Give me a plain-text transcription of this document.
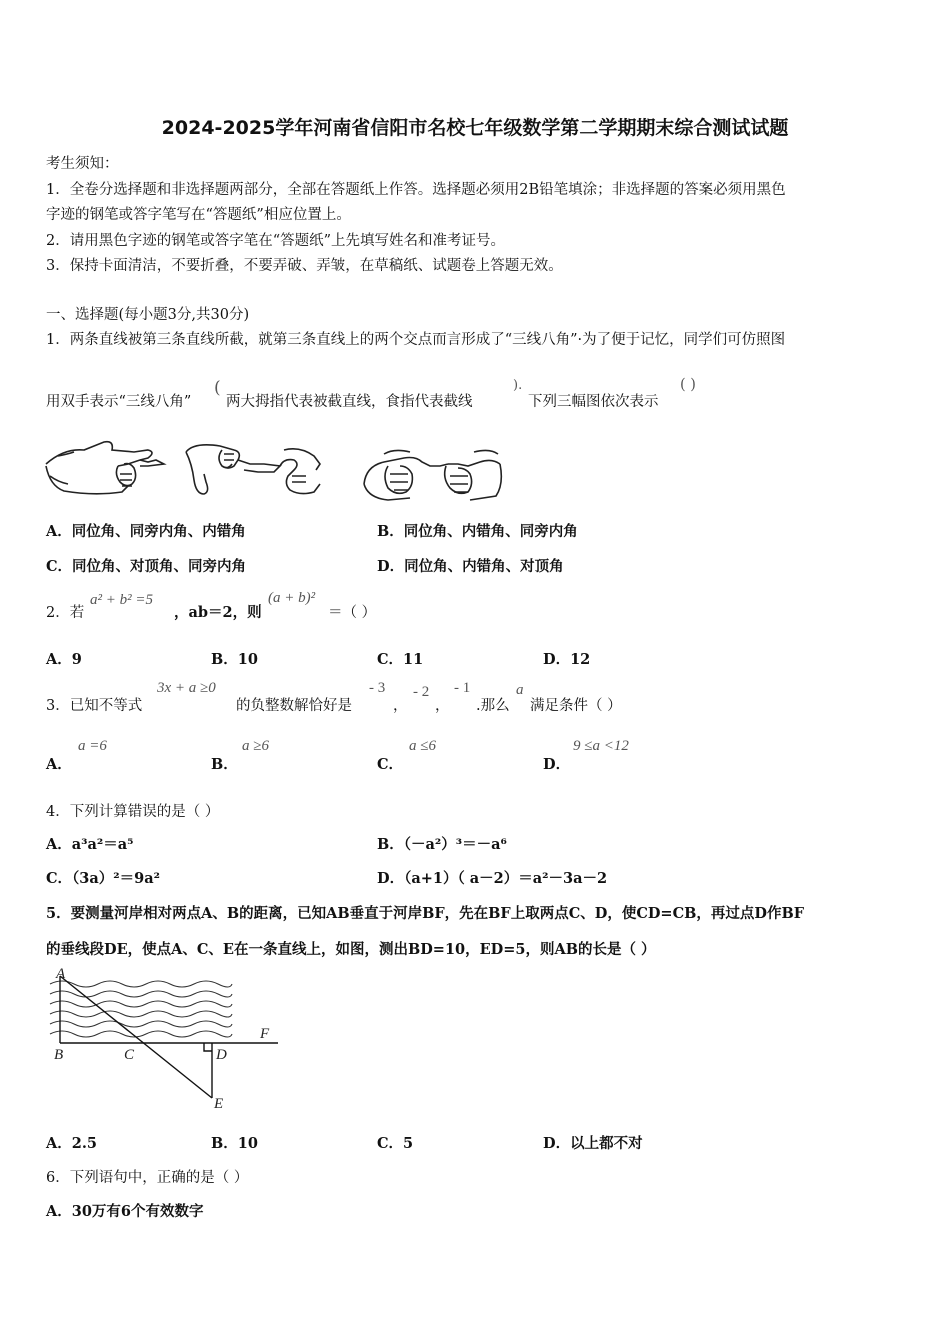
2024-2025学年河南省信阳市名校七年级数学第二学期期末综合测试试题
考生须知：
1．全卷分选择题和非选择题两部分，全部在答题纸上作答。选择题必须用2B铅笔填涂；非选择题的答案必须用黑色
字迹的钢笔或答字笔写在“答题纸”相应位置上。
2．请用黑色字迹的钢笔或答字笔在“答题纸”上先填写姓名和准考证号。
3．保持卡面清洁，不要折叠，不要弄破、弄皱，在草稿纸、试题卷上答题无效。
一、选择题(每小题3分,共30分)
1．两条直线被第三条直线所截，就第三条直线上的两个交点而言形成了“三线八角”·为了便于记忆，同学们可仿照图
用双手表示“三线八角”
(
两大拇指代表被截直线，食指代表截线
).
下列三幅图依次表示
( )
A．同位角、同旁内角、内错角	B．同位角、内错角、同旁内角
C．同位角、对顶角、同旁内角	D．同位角、内错角、对顶角
2．若
a² + b² =5
，ab＝2，则
(a + b)²
＝（ ）
A．9	B．10	C．11	D．12
3．已知不等式
3x + a ≥0
的负整数解恰好是
- 3
，
- 2
，
- 1
.那么
a
满足条件（ ）
A．
a =6
B．
a ≥6
C．
a ≤6
D．
9 ≤a <12
4．下列计算错误的是（ ）
A．a³a²＝a⁵	B．（－a²）³＝－a⁶
C．（3a）²＝9a²	D．（a+1）（ a－2）＝a²－3a－2
5．要测量河岸相对两点A、B的距离，已知AB垂直于河岸BF，先在BF上取两点C、D，使CD=CB，再过点D作BF
的垂线段DE，使点A、C、E在一条直线上，如图，测出BD=10，ED=5，则AB的长是（ ）
A
B	C	D
E
F
A．2.5	B．10	C．5	D．以上都不对
6．下列语句中，正确的是（ ）
A．30万有6个有效数字
